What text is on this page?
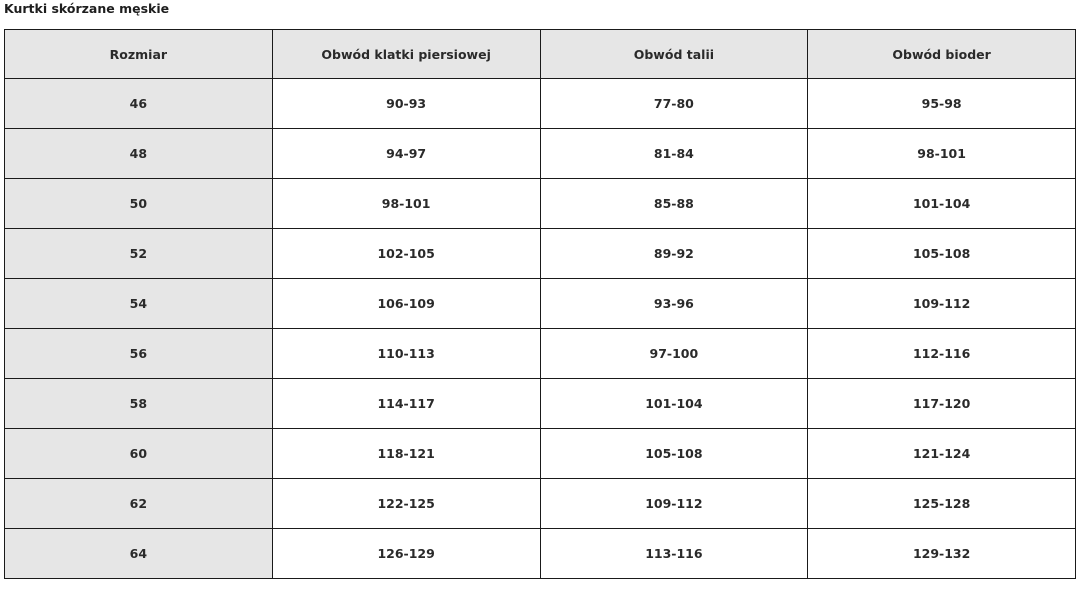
Kurtki skórzane męskie
Rozmiar	Obwód klatki piersiowej	Obwód talii	Obwód bioder
46	90-93	77-80	95-98
48	94-97	81-84	98-101
50	98-101	85-88	101-104
52	102-105	89-92	105-108
54	106-109	93-96	109-112
56	110-113	97-100	112-116
58	114-117	101-104	117-120
60	118-121	105-108	121-124
62	122-125	109-112	125-128
64	126-129	113-116	129-132
